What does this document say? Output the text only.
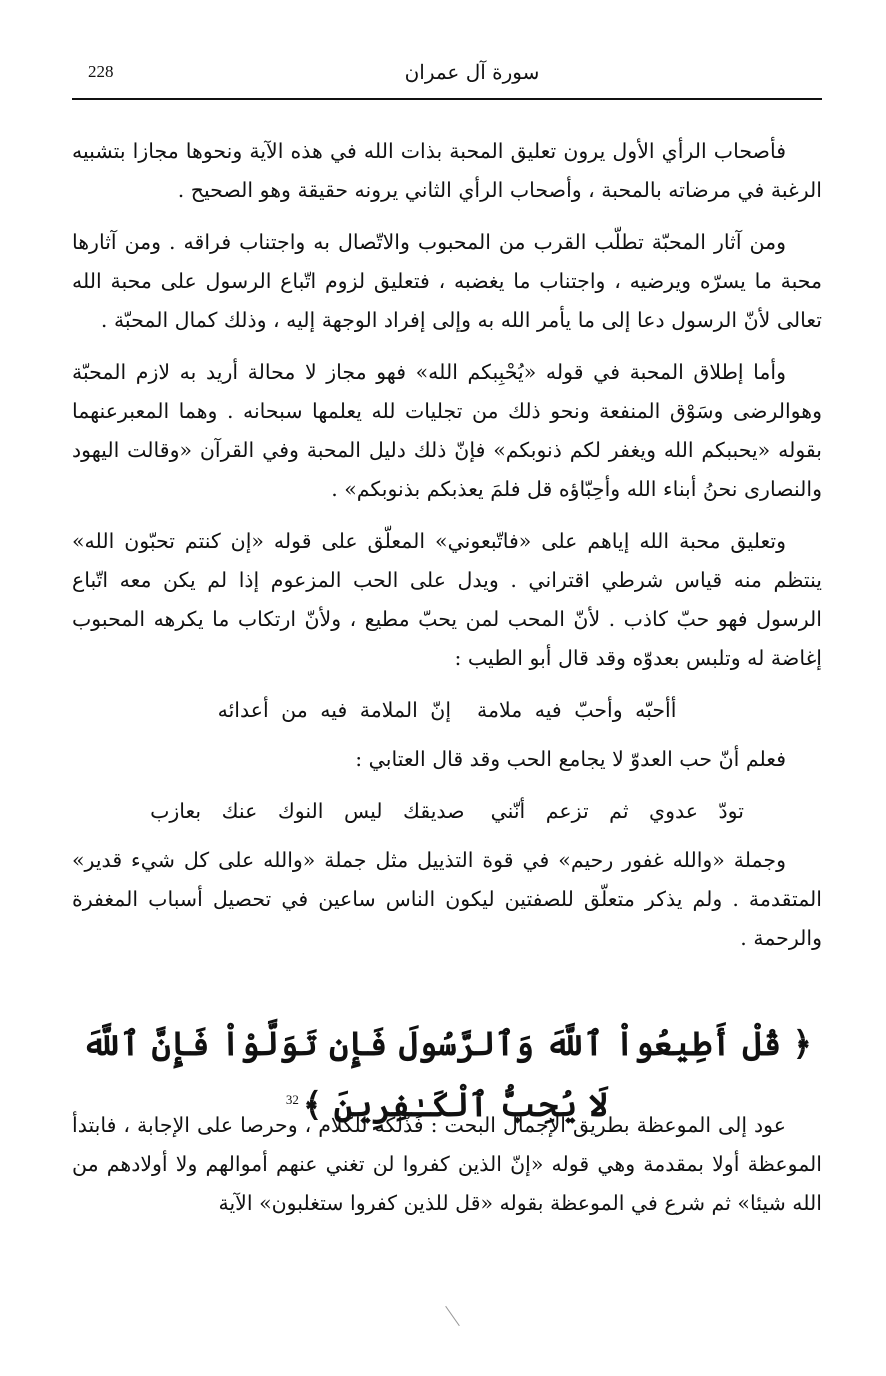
228	سورة آل عمران

فأصحاب الرأي الأول يرون تعليق المحبة بذات الله في هذه الآية ونحوها مجازا بتشبيه الرغبة في مرضاته بالمحبة ، وأصحاب الرأي الثاني يرونه حقيقة وهو الصحيح .

ومن آثار المحبّة تطلّب القرب من المحبوب والاتّصال به واجتناب فراقه . ومن آثارها محبة ما يسرّه ويرضيه ، واجتناب ما يغضبه ، فتعليق لزوم اتّباع الرسول على محبة الله تعالى لأنّ الرسول دعا إلى ما يأمر الله به وإلى إفراد الوجهة إليه ، وذلك كمال المحبّة .

وأما إطلاق المحبة في قوله «يُحْبِبكم الله» فهو مجاز لا محالة أريد به لازم المحبّة وهوالرضى وسَوْق المنفعة ونحو ذلك من تجليات لله يعلمها سبحانه . وهما المعبرعنهما بقوله «يحببكم الله ويغفر لكم ذنوبكم» فإنّ ذلك دليل المحبة وفي القرآن «وقالت اليهود والنصارى نحنُ أبناء الله وأحِبّاؤه قل فلمَ يعذبكم بذنوبكم» .

وتعليق محبة الله إياهم على «فاتّبعوني» المعلّق على قوله «إن كنتم تحبّون الله» ينتظم منه قياس شرطي اقتراني . ويدل على الحب المزعوم إذا لم يكن معه اتّباع الرسول فهو حبّ كاذب . لأنّ المحب لمن يحبّ مطيع ، ولأنّ ارتكاب ما يكرهه المحبوب إغاضة له وتلبس بعدوّه وقد قال أبو الطيب :

أأحبّه وأحبّ فيه ملامةإنّ الملامة فيه من أعدائه

فعلم أنّ حب العدوّ لا يجامع الحب وقد قال العتابي :

تودّ عدوي ثم تزعم أنّنيصديقك ليس النوك عنك بعازب

وجملة «والله غفور رحيم» في قوة التذييل مثل جملة «والله على كل شيء قدير» المتقدمة . ولم يذكر متعلّق للصفتين ليكون الناس ساعين في تحصيل أسباب المغفرة والرحمة .

﴿ قُلْ أَطِيعُواْ ٱللَّهَ وَٱلرَّسُولَ فَإِن تَوَلَّوْاْ فَإِنَّ ٱللَّهَ لَا يُحِبُّ ٱلْكَـٰفِرِينَ ﴾$^{32}$

عود إلى الموعظة بطريق الإجمال البحت : فَذْلَكَة للكلام ، وحرصا على الإجابة ، فابتدأ الموعظة أولا بمقدمة وهي قوله «إنّ الذين كفروا لن تغني عنهم أموالهم ولا أولادهم من الله شيئا» ثم شرع في الموعظة بقوله «قل للذين كفروا ستغلبون» الآية
